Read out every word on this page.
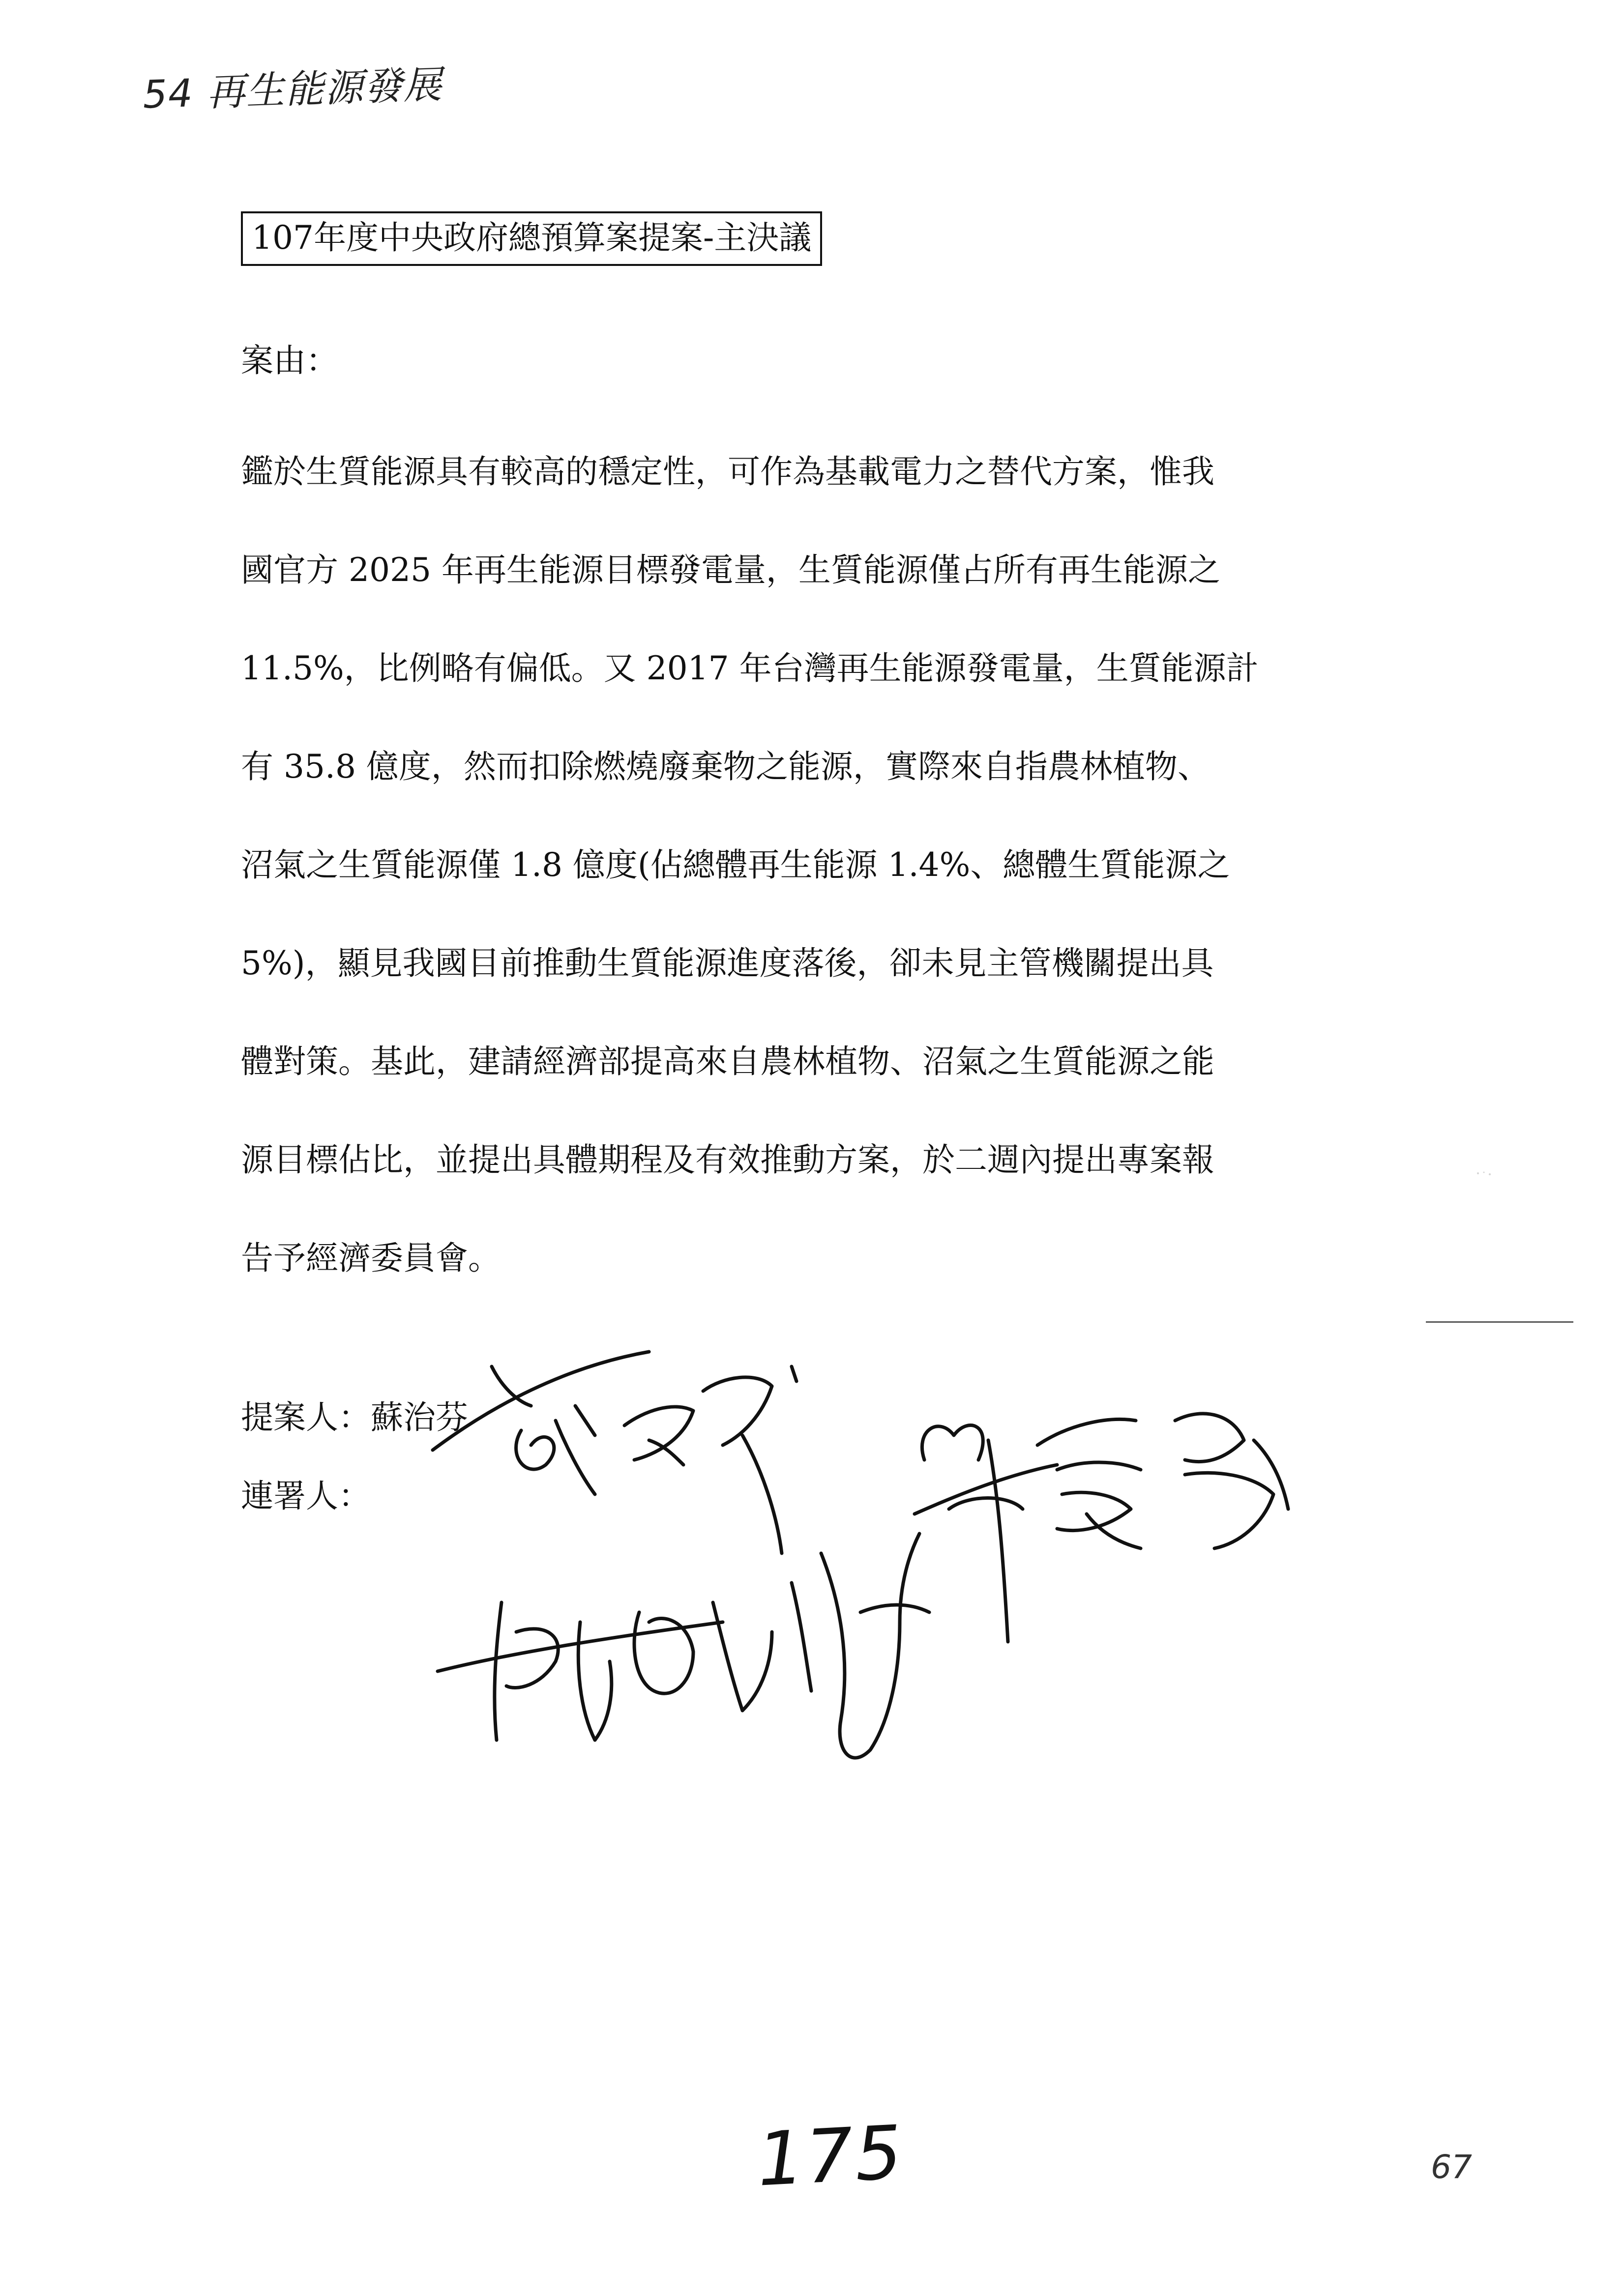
54 再生能源發展
107年度中央政府總預算案提案-主決議
案由：
鑑於生質能源具有較高的穩定性，可作為基載電力之替代方案，惟我
國官方 2025 年再生能源目標發電量，生質能源僅占所有再生能源之
11.5%，比例略有偏低。又 2017 年台灣再生能源發電量，生質能源計
有 35.8 億度，然而扣除燃燒廢棄物之能源，實際來自指農林植物、
沼氣之生質能源僅 1.8 億度(佔總體再生能源 1.4%、總體生質能源之
5%)，顯見我國目前推動生質能源進度落後，卻未見主管機關提出具
體對策。基此，建請經濟部提高來自農林植物、沼氣之生質能源之能
源目標佔比，並提出具體期程及有效推動方案，於二週內提出專案報
告予經濟委員會。
提案人：蘇治芬
連署人：
175	67
